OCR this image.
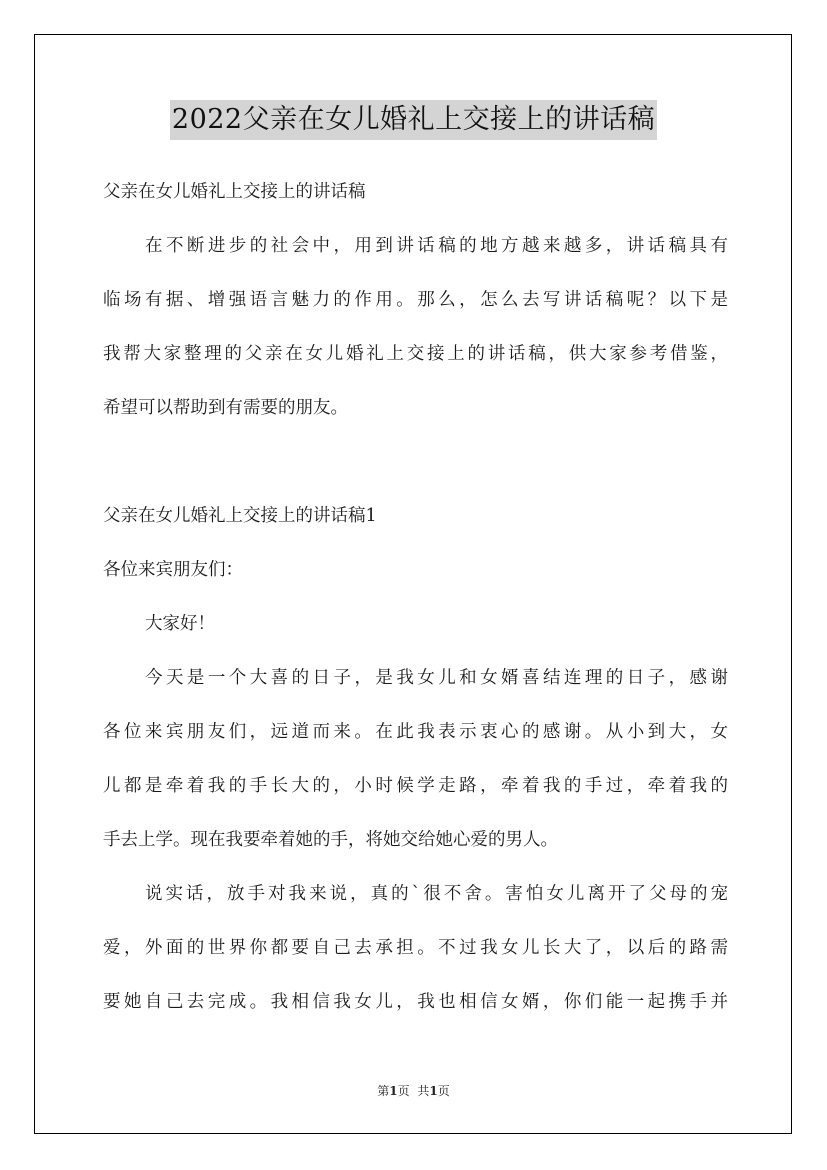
2022父亲在女儿婚礼上交接上的讲话稿
父亲在女儿婚礼上交接上的讲话稿
在不断进步的社会中，用到讲话稿的地方越来越多，讲话稿具有
临场有据、增强语言魅力的作用。那么，怎么去写讲话稿呢？以下是
我帮大家整理的父亲在女儿婚礼上交接上的讲话稿，供大家参考借鉴，
希望可以帮助到有需要的朋友。
父亲在女儿婚礼上交接上的讲话稿1
各位来宾朋友们：
大家好！
今天是一个大喜的日子，是我女儿和女婿喜结连理的日子，感谢
各位来宾朋友们，远道而来。在此我表示衷心的感谢。从小到大，女
儿都是牵着我的手长大的，小时候学走路，牵着我的手过，牵着我的
手去上学。现在我要牵着她的手，将她交给她心爱的男人。
说实话，放手对我来说，真的`很不舍。害怕女儿离开了父母的宠
爱，外面的世界你都要自己去承担。不过我女儿长大了，以后的路需
要她自己去完成。我相信我女儿，我也相信女婿，你们能一起携手并
第1页 共1页
